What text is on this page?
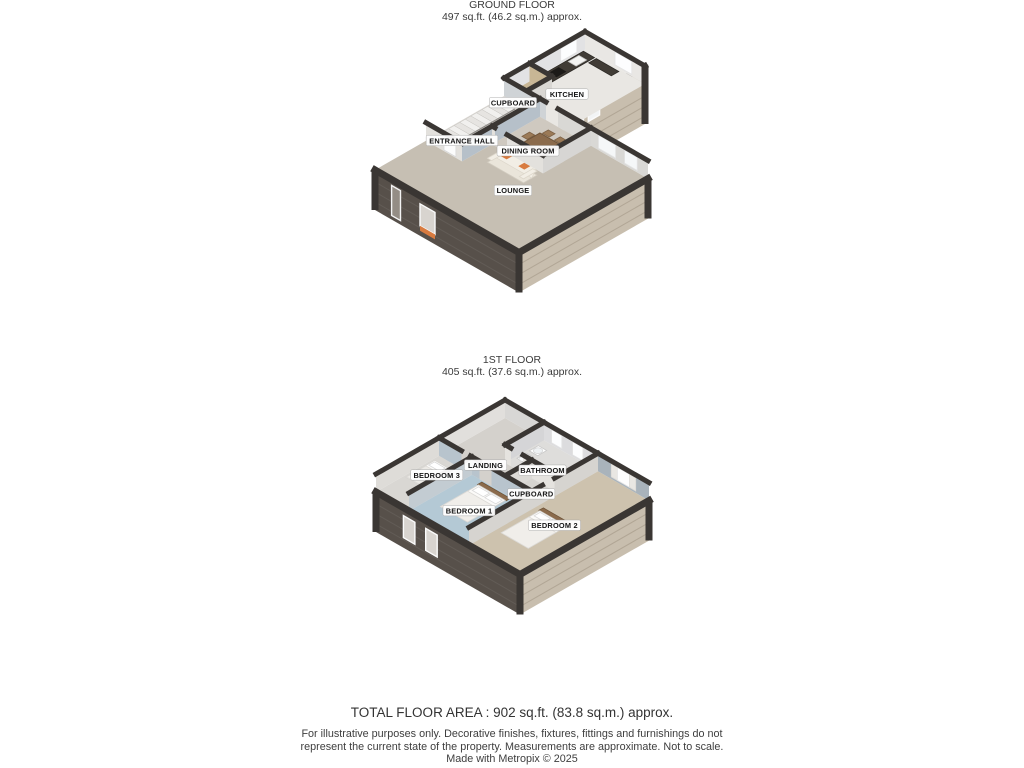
GROUND FLOOR
497 sq.ft. (46.2 sq.m.) approx.
1ST FLOOR
405 sq.ft. (37.6 sq.m.) approx.
KITCHEN
CUPBOARD
DINING ROOM
ENTRANCE HALL
LOUNGE
BATHROOM
LANDING
CUPBOARD
BEDROOM 3
BEDROOM 2
BEDROOM 1
TOTAL FLOOR AREA : 902 sq.ft. (83.8 sq.m.) approx.
For illustrative purposes only. Decorative finishes, fixtures, fittings and furnishings do not
represent the current state of the property. Measurements are approximate. Not to scale.
Made with Metropix © 2025
